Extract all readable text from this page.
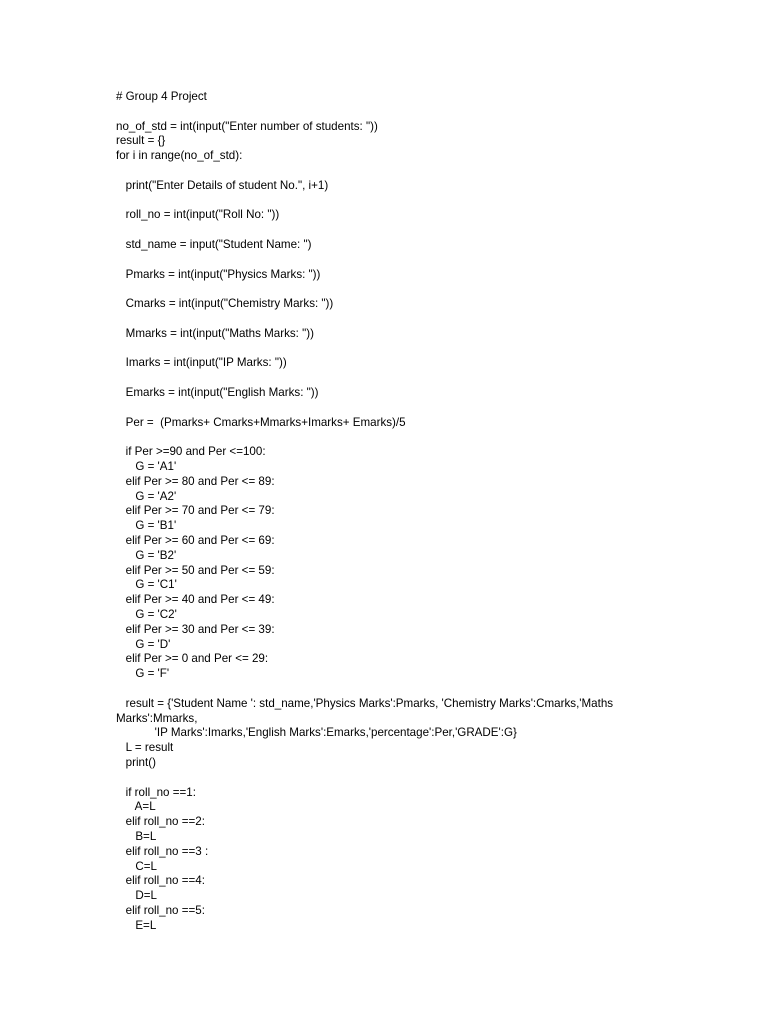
# Group 4 Project
no_of_std = int(input("Enter number of students: "))
result = {}
for i in range(no_of_std):
print("Enter Details of student No.", i+1)
roll_no = int(input("Roll No: "))
std_name = input("Student Name: ")
Pmarks = int(input("Physics Marks: "))
Cmarks = int(input("Chemistry Marks: "))
Mmarks = int(input("Maths Marks: "))
Imarks = int(input("IP Marks: "))
Emarks = int(input("English Marks: "))
Per =  (Pmarks+ Cmarks+Mmarks+Imarks+ Emarks)/5
if Per >=90 and Per <=100:
G = 'A1'
elif Per >= 80 and Per <= 89:
G = 'A2'
elif Per >= 70 and Per <= 79:
G = 'B1'
elif Per >= 60 and Per <= 69:
G = 'B2'
elif Per >= 50 and Per <= 59:
G = 'C1'
elif Per >= 40 and Per <= 49:
G = 'C2'
elif Per >= 30 and Per <= 39:
G = 'D'
elif Per >= 0 and Per <= 29:
G = 'F'
result = {'Student Name ': std_name,'Physics Marks':Pmarks, 'Chemistry Marks':Cmarks,'Maths
Marks':Mmarks,
'IP Marks':Imarks,'English Marks':Emarks,'percentage':Per,'GRADE':G}
L = result
print()
if roll_no ==1:
A=L
elif roll_no ==2:
B=L
elif roll_no ==3 :
C=L
elif roll_no ==4:
D=L
elif roll_no ==5:
E=L
